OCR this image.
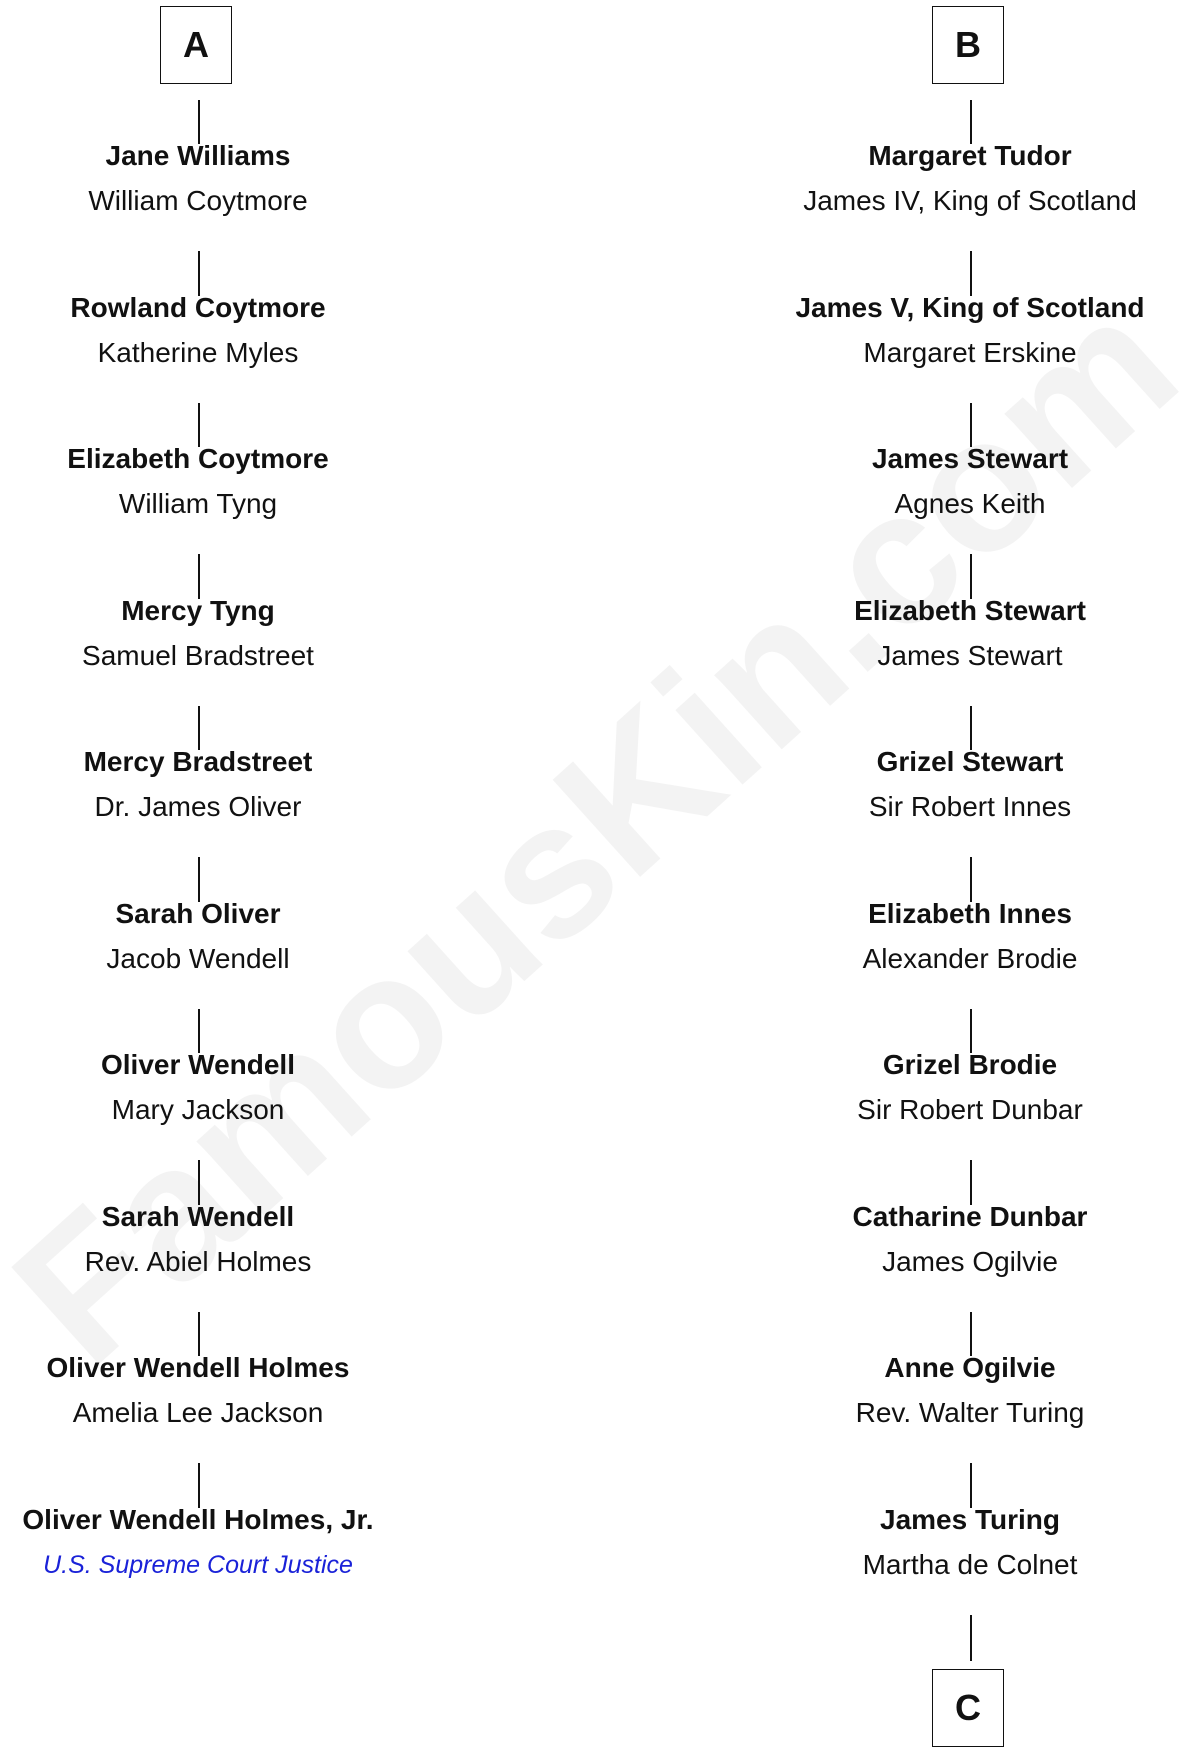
A
Jane Williams
William Coytmore
Rowland Coytmore
Katherine Myles
Elizabeth Coytmore
William Tyng
Mercy Tyng
Samuel Bradstreet
Mercy Bradstreet
Dr. James Oliver
Sarah Oliver
Jacob Wendell
Oliver Wendell
Mary Jackson
Sarah Wendell
Rev. Abiel Holmes
Oliver Wendell Holmes
Amelia Lee Jackson
Oliver Wendell Holmes, Jr.
U.S. Supreme Court Justice
B
Margaret Tudor
James IV, King of Scotland
James V, King of Scotland
Margaret Erskine
James Stewart
Agnes Keith
Elizabeth Stewart
James Stewart
Grizel Stewart
Sir Robert Innes
Elizabeth Innes
Alexander Brodie
Grizel Brodie
Sir Robert Dunbar
Catharine Dunbar
James Ogilvie
Anne Ogilvie
Rev. Walter Turing
James Turing
Martha de Colnet
C
